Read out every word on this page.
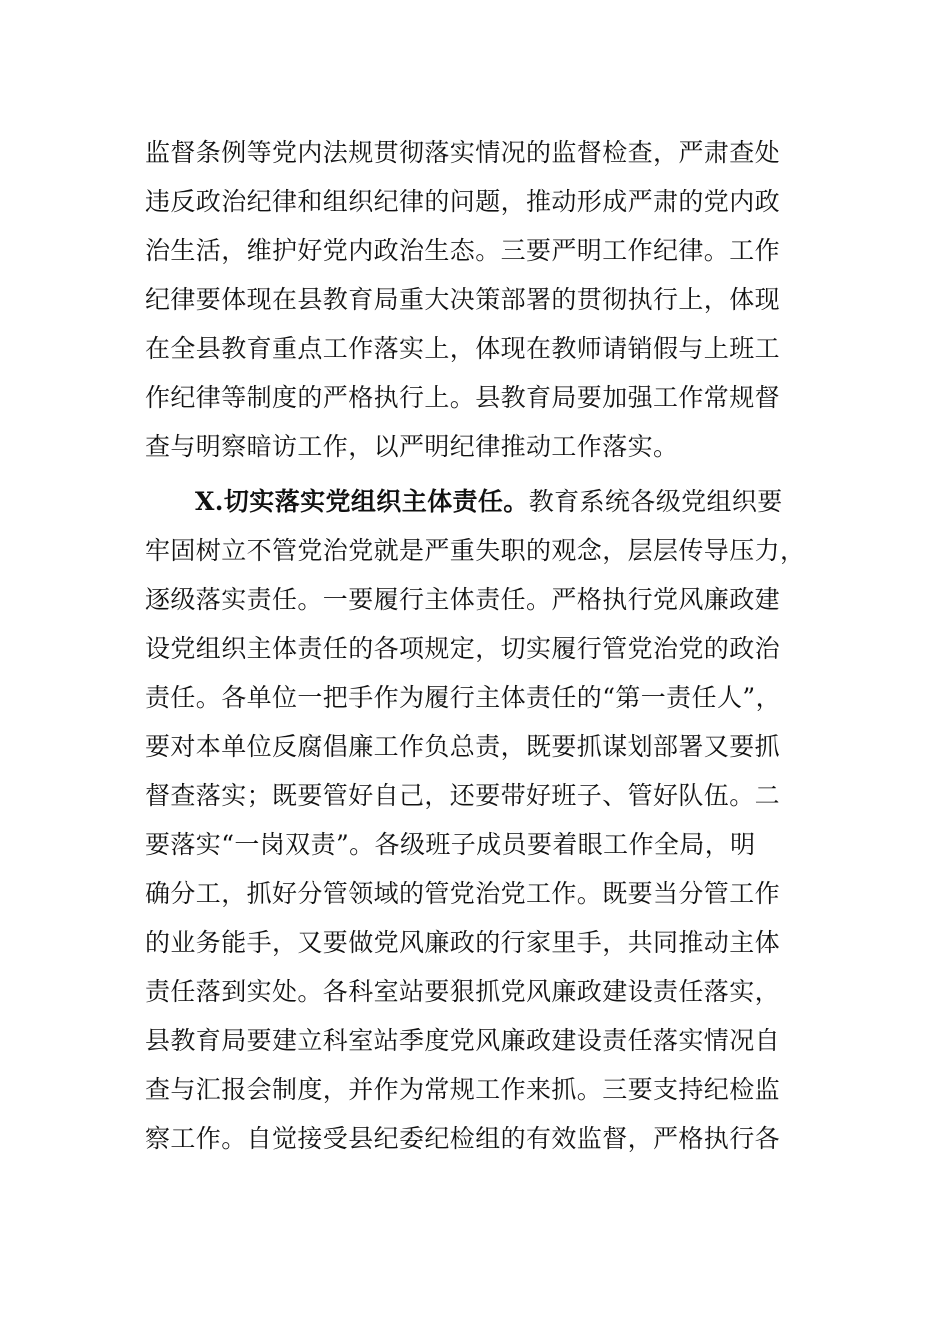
监督条例等党内法规贯彻落实情况的监督检查，严肃查处
违反政治纪律和组织纪律的问题，推动形成严肃的党内政
治生活，维护好党内政治生态。三要严明工作纪律。工作
纪律要体现在县教育局重大决策部署的贯彻执行上，体现
在全县教育重点工作落实上，体现在教师请销假与上班工
作纪律等制度的严格执行上。县教育局要加强工作常规督
查与明察暗访工作，以严明纪律推动工作落实。
X.切实落实党组织主体责任。教育系统各级党组织要
牢固树立不管党治党就是严重失职的观念，层层传导压力，
逐级落实责任。一要履行主体责任。严格执行党风廉政建
设党组织主体责任的各项规定，切实履行管党治党的政治
责任。各单位一把手作为履行主体责任的“第一责任人”，
要对本单位反腐倡廉工作负总责，既要抓谋划部署又要抓
督查落实；既要管好自己，还要带好班子、管好队伍。二
要落实“一岗双责”。各级班子成员要着眼工作全局，明
确分工，抓好分管领域的管党治党工作。既要当分管工作
的业务能手，又要做党风廉政的行家里手，共同推动主体
责任落到实处。各科室站要狠抓党风廉政建设责任落实，
县教育局要建立科室站季度党风廉政建设责任落实情况自
查与汇报会制度，并作为常规工作来抓。三要支持纪检监
察工作。自觉接受县纪委纪检组的有效监督，严格执行各
